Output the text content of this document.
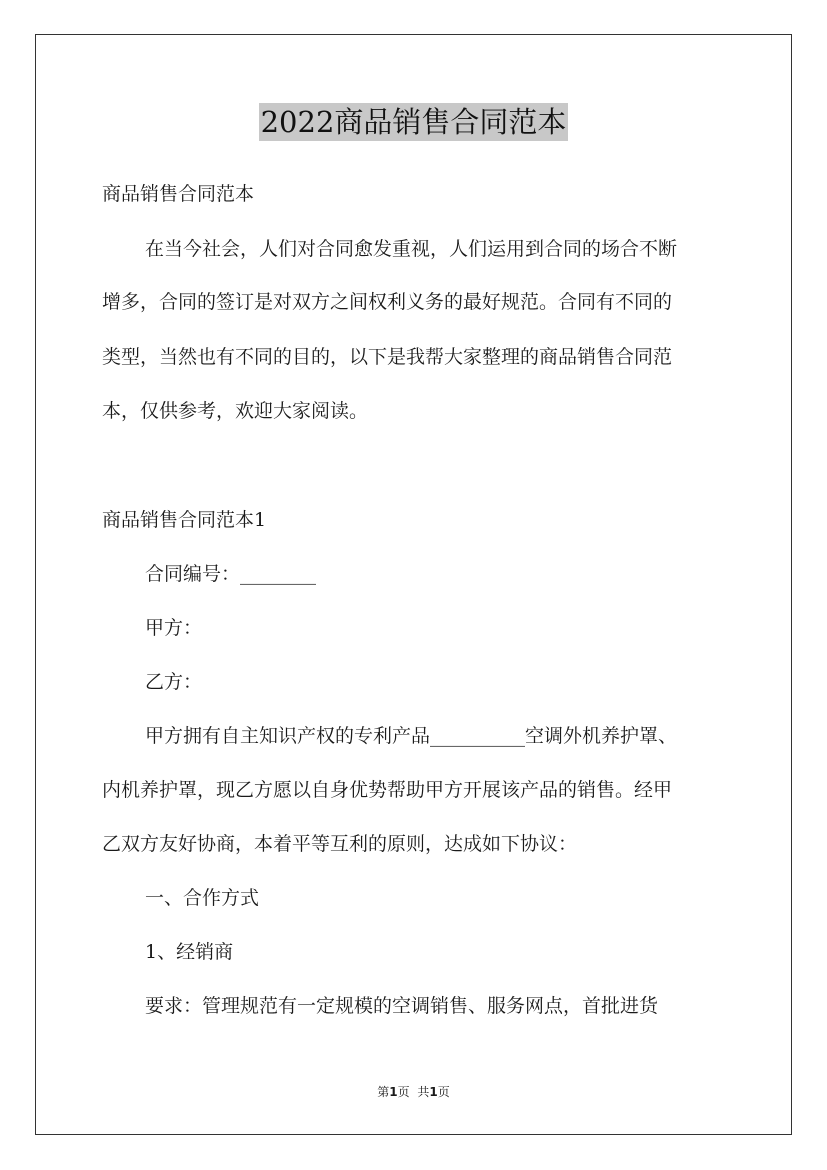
2022商品销售合同范本
商品销售合同范本
在当今社会，人们对合同愈发重视，人们运用到合同的场合不断
增多，合同的签订是对双方之间权利义务的最好规范。合同有不同的
类型，当然也有不同的目的，以下是我帮大家整理的商品销售合同范
本，仅供参考，欢迎大家阅读。
商品销售合同范本1
合同编号：________
甲方：
乙方：
甲方拥有自主知识产权的专利产品__________空调外机养护罩、
内机养护罩，现乙方愿以自身优势帮助甲方开展该产品的销售。经甲
乙双方友好协商，本着平等互利的原则，达成如下协议：
一、合作方式
1、经销商
要求：管理规范有一定规模的空调销售、服务网点，首批进货
第1页 共1页
